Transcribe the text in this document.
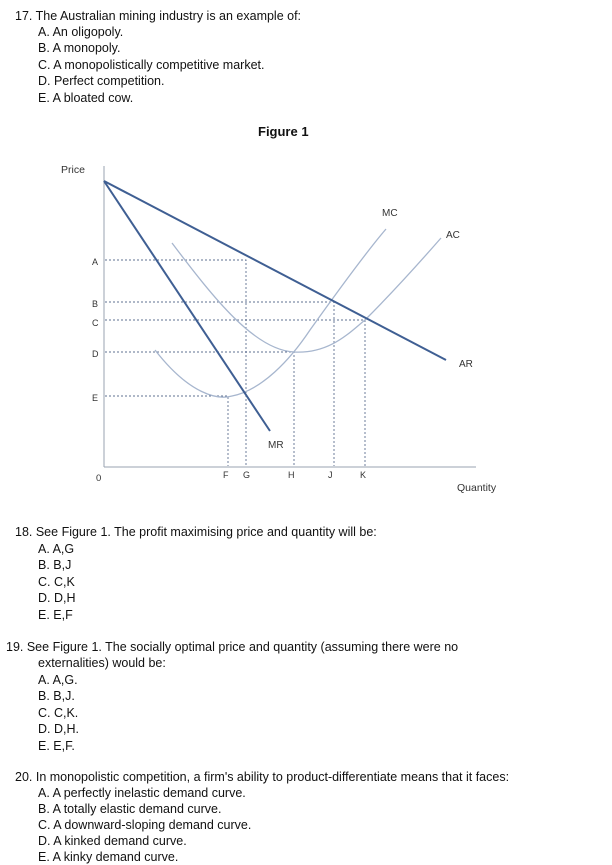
17. The Australian mining industry is an example of:
A. An oligopoly.
B. A monopoly.
C. A monopolistically competitive market.
D. Perfect competition.
E. A bloated cow.
Figure 1
Price
Quantity
0
A
B
C
D
E
F G	H	J	K
MC
AC
AR
MR
18. See Figure 1. The profit maximising price and quantity will be:
A. A,G
B. B,J
C. C,K
D. D,H
E. E,F
19. See Figure 1. The socially optimal price and quantity (assuming there were no
externalities) would be:
A. A,G.
B. B,J.
C. C,K.
D. D,H.
E. E,F.
20. In monopolistic competition, a firm's ability to product-differentiate means that it faces:
A. A perfectly inelastic demand curve.
B. A totally elastic demand curve.
C. A downward-sloping demand curve.
D. A kinked demand curve.
E. A kinky demand curve.
